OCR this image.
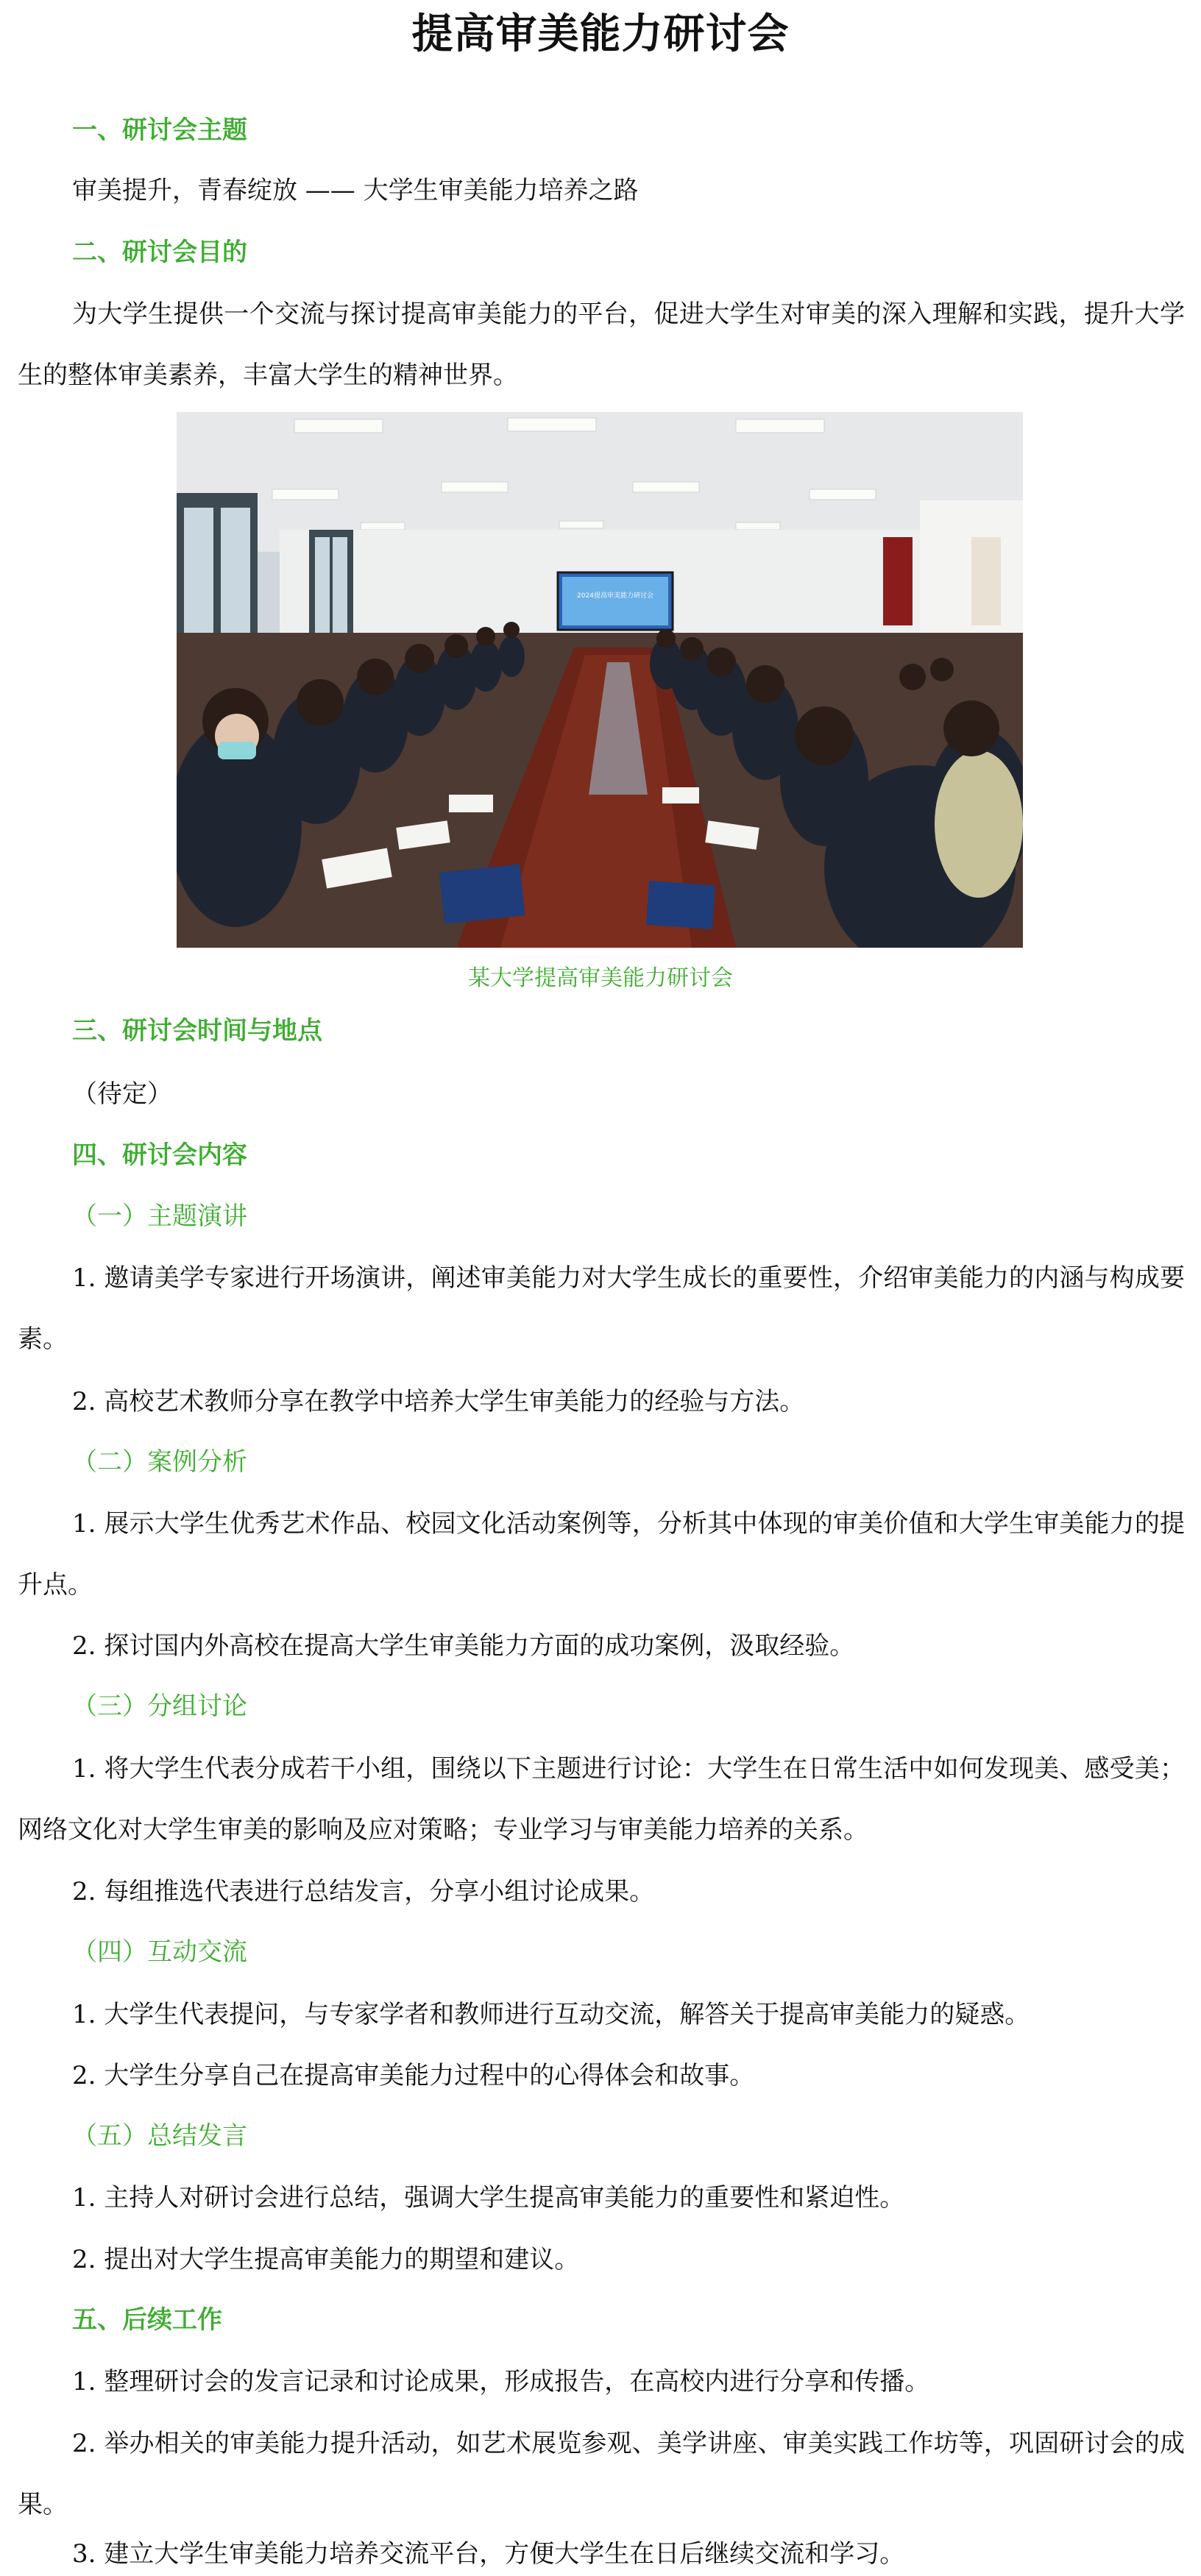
提高审美能力研讨会
一、研讨会主题
审美提升，青春绽放 —— 大学生审美能力培养之路
二、研讨会目的
为大学生提供一个交流与探讨提高审美能力的平台，促进大学生对审美的深入理解和实践，提升大学生的整体审美素养，丰富大学生的精神世界。
2024提高审美能力研讨会
某大学提高审美能力研讨会
三、研讨会时间与地点
（待定）
四、研讨会内容
（一）主题演讲
1. 邀请美学专家进行开场演讲，阐述审美能力对大学生成长的重要性，介绍审美能力的内涵与构成要素。
2. 高校艺术教师分享在教学中培养大学生审美能力的经验与方法。
（二）案例分析
1. 展示大学生优秀艺术作品、校园文化活动案例等，分析其中体现的审美价值和大学生审美能力的提升点。
2. 探讨国内外高校在提高大学生审美能力方面的成功案例，汲取经验。
（三）分组讨论
1. 将大学生代表分成若干小组，围绕以下主题进行讨论：大学生在日常生活中如何发现美、感受美；网络文化对大学生审美的影响及应对策略；专业学习与审美能力培养的关系。
2. 每组推选代表进行总结发言，分享小组讨论成果。
（四）互动交流
1. 大学生代表提问，与专家学者和教师进行互动交流，解答关于提高审美能力的疑惑。
2. 大学生分享自己在提高审美能力过程中的心得体会和故事。
（五）总结发言
1. 主持人对研讨会进行总结，强调大学生提高审美能力的重要性和紧迫性。
2. 提出对大学生提高审美能力的期望和建议。
五、后续工作
1. 整理研讨会的发言记录和讨论成果，形成报告，在高校内进行分享和传播。
2. 举办相关的审美能力提升活动，如艺术展览参观、美学讲座、审美实践工作坊等，巩固研讨会的成果。
3. 建立大学生审美能力培养交流平台，方便大学生在日后继续交流和学习。
